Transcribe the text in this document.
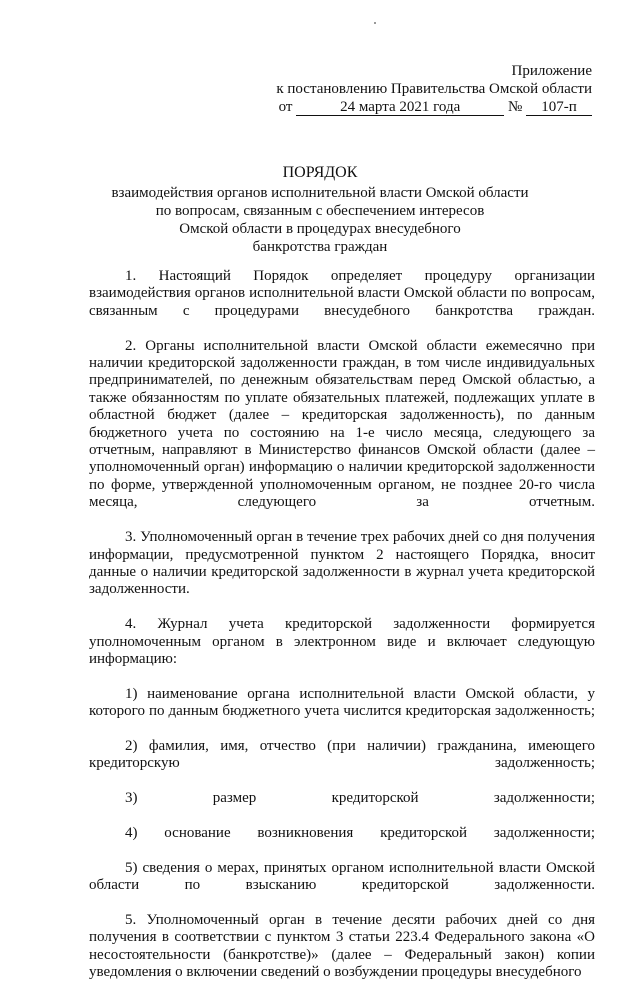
Приложение
к постановлению Правительства Омской области
от	24 марта 2021 года	№ 107-п
ПОРЯДОК
взаимодействия органов исполнительной власти Омской области
по вопросам, связанным с обеспечением интересов
Омской области в процедурах внесудебного
банкротства граждан

1. Настоящий Порядок определяет процедуру организации взаимодействия органов исполнительной власти Омской области по вопросам, связанным с процедурами внесудебного банкротства граждан.

2. Органы исполнительной власти Омской области ежемесячно при наличии кредиторской задолженности граждан, в том числе индивидуальных предпринимателей, по денежным обязательствам перед Омской областью, а также обязанностям по уплате обязательных платежей, подлежащих уплате в областной бюджет (далее – кредиторская задолженность), по данным бюджетного учета по состоянию на 1-е число месяца, следующего за отчетным, направляют в Министерство финансов Омской области (далее – уполномоченный орган) информацию о наличии кредиторской задолженности по форме, утвержденной уполномоченным органом, не позднее 20-го числа месяца, следующего за отчетным.

3. Уполномоченный орган в течение трех рабочих дней со дня получения информации, предусмотренной пунктом 2 настоящего Порядка, вносит данные о наличии кредиторской задолженности в журнал учета кредиторской задолженности.

4. Журнал учета кредиторской задолженности формируется уполномоченным органом в электронном виде и включает следующую информацию:

1) наименование органа исполнительной власти Омской области, у которого по данным бюджетного учета числится кредиторская задолженность;

2) фамилия, имя, отчество (при наличии) гражданина, имеющего кредиторскую задолженность;

3) размер кредиторской задолженности;

4) основание возникновения кредиторской задолженности;

5) сведения о мерах, принятых органом исполнительной власти Омской области по взысканию кредиторской задолженности.

5. Уполномоченный орган в течение десяти рабочих дней со дня получения в соответствии с пунктом 3 статьи 223.4 Федерального закона «О несостоятельности (банкротстве)» (далее – Федеральный закон) копии уведомления о включении сведений о возбуждении процедуры внесудебного
